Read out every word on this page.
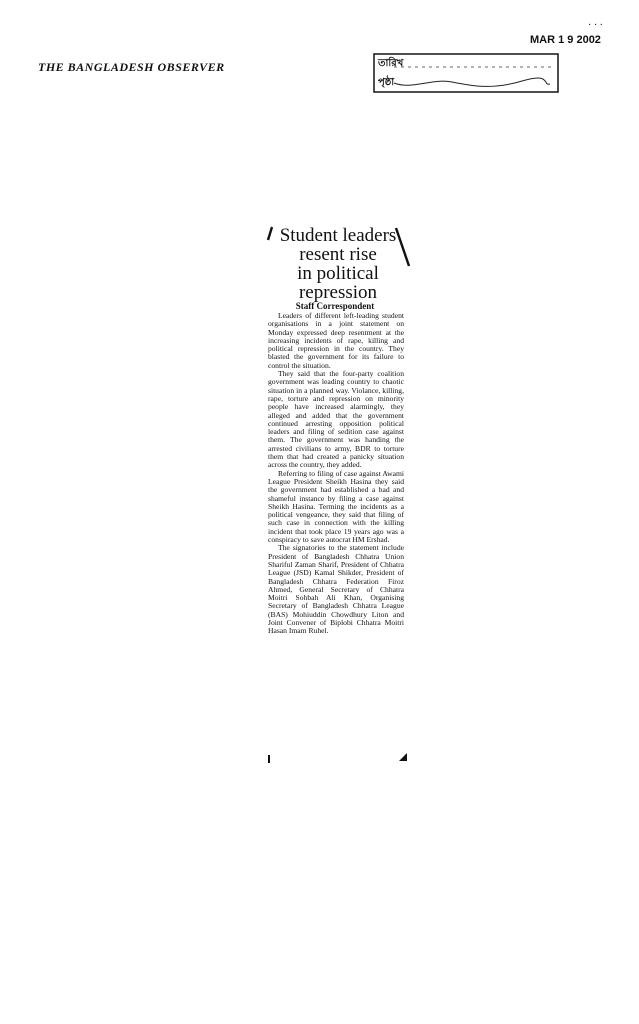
THE BANGLADESH OBSERVER
· · ·
MAR 1 9 2002
তারিখ
পৃষ্ঠা
Student leaders
resent rise
in political
repression
Staff Correspondent

Leaders of different left-leading student organisations in a joint statement on Monday expressed deep resentment at the increasing incidents of rape, killing and political repression in the country. They blasted the government for its failure to control the situation.

They said that the four-party coalition government was leading country to chaotic situation in a planned way. Violance, killing, rape, torture and repression on minority people have increased alarmingly, they alleged and added that the government continued arresting opposition political leaders and filing of sedition case against them. The government was handing the arrested civilians to army, BDR to torture them that had created a panicky situation across the country, they added.

Referring to filing of case against Awami League President Sheikh Hasina they said the government had established a bad and shameful instance by filing a case against Sheikh Hasina. Terming the incidents as a political vengeance, they said that filing of such case in connection with the killing incident that took place 19 years ago was a conspiracy to save autocrat HM Ershad.

The signatories to the statement include President of Bangladesh Chhatra Union Shariful Zaman Sharif, President of Chhatra League (JSD) Kamal Shikder, President of Bangladesh Chhatra Federation Firoz Ahmed, General Secretary of Chhatra Moitri Sohbah Ali Khan, Organising Secretary of Bangladesh Chhatra League (BAS) Mohiuddin Chowdhury Liton and Joint Convener of Biplobi Chhatra Moitri Hasan Imam Ruhel.
